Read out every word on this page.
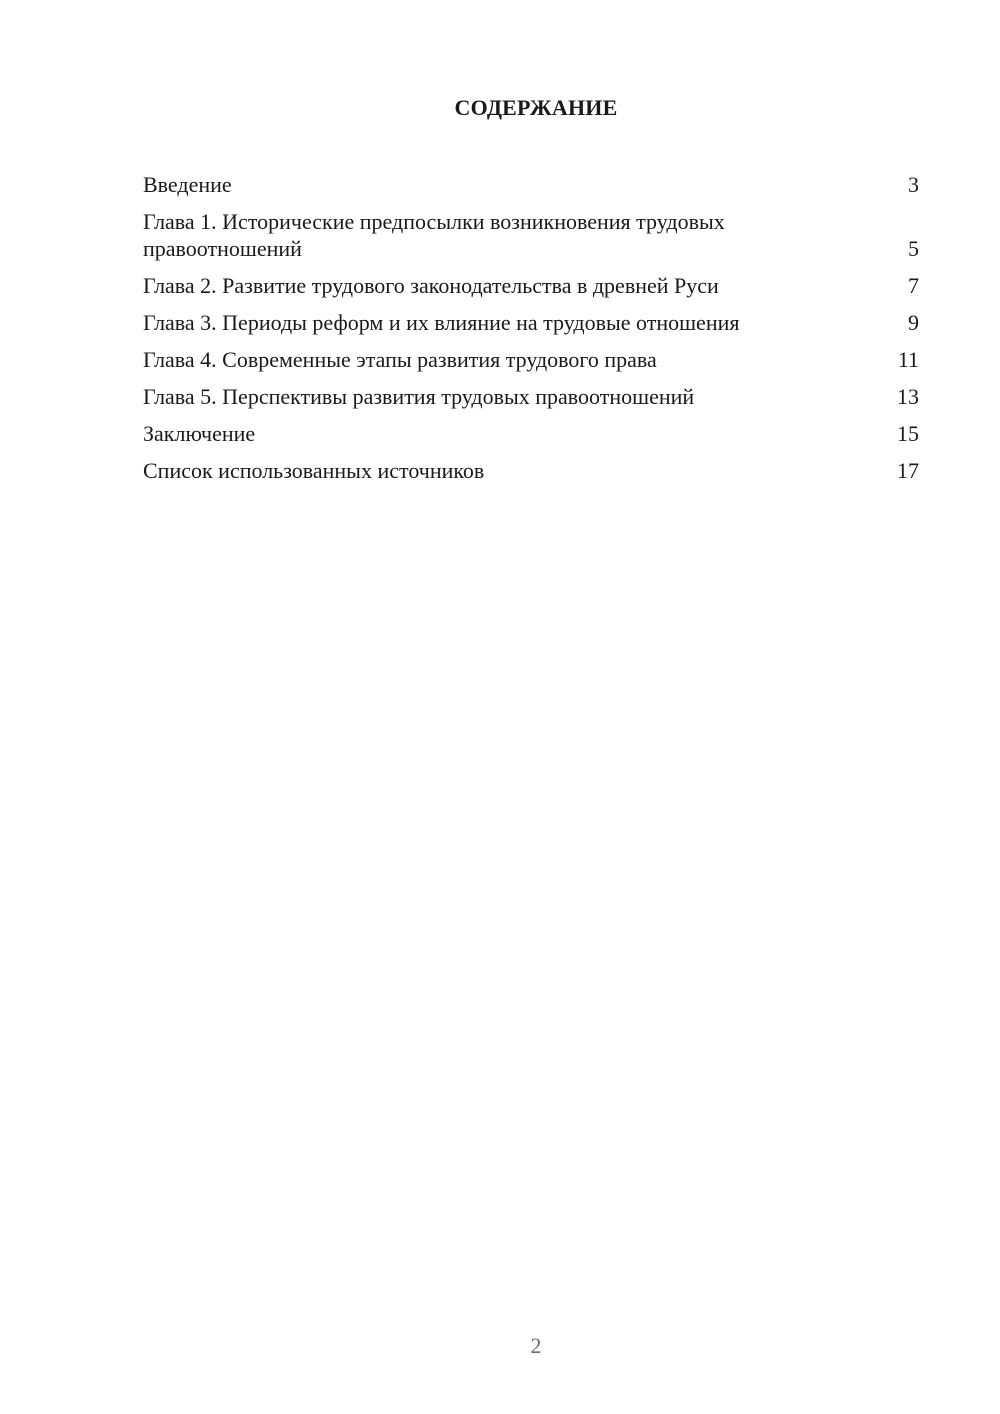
СОДЕРЖАНИЕ
Введение	3
Глава 1. Исторические предпосылки возникновения трудовых правоотношений	5
Глава 2. Развитие трудового законодательства в древней Руси	7
Глава 3. Периоды реформ и их влияние на трудовые отношения	9
Глава 4. Современные этапы развития трудового права	11
Глава 5. Перспективы развития трудовых правоотношений	13
Заключение	15
Список использованных источников	17
2
